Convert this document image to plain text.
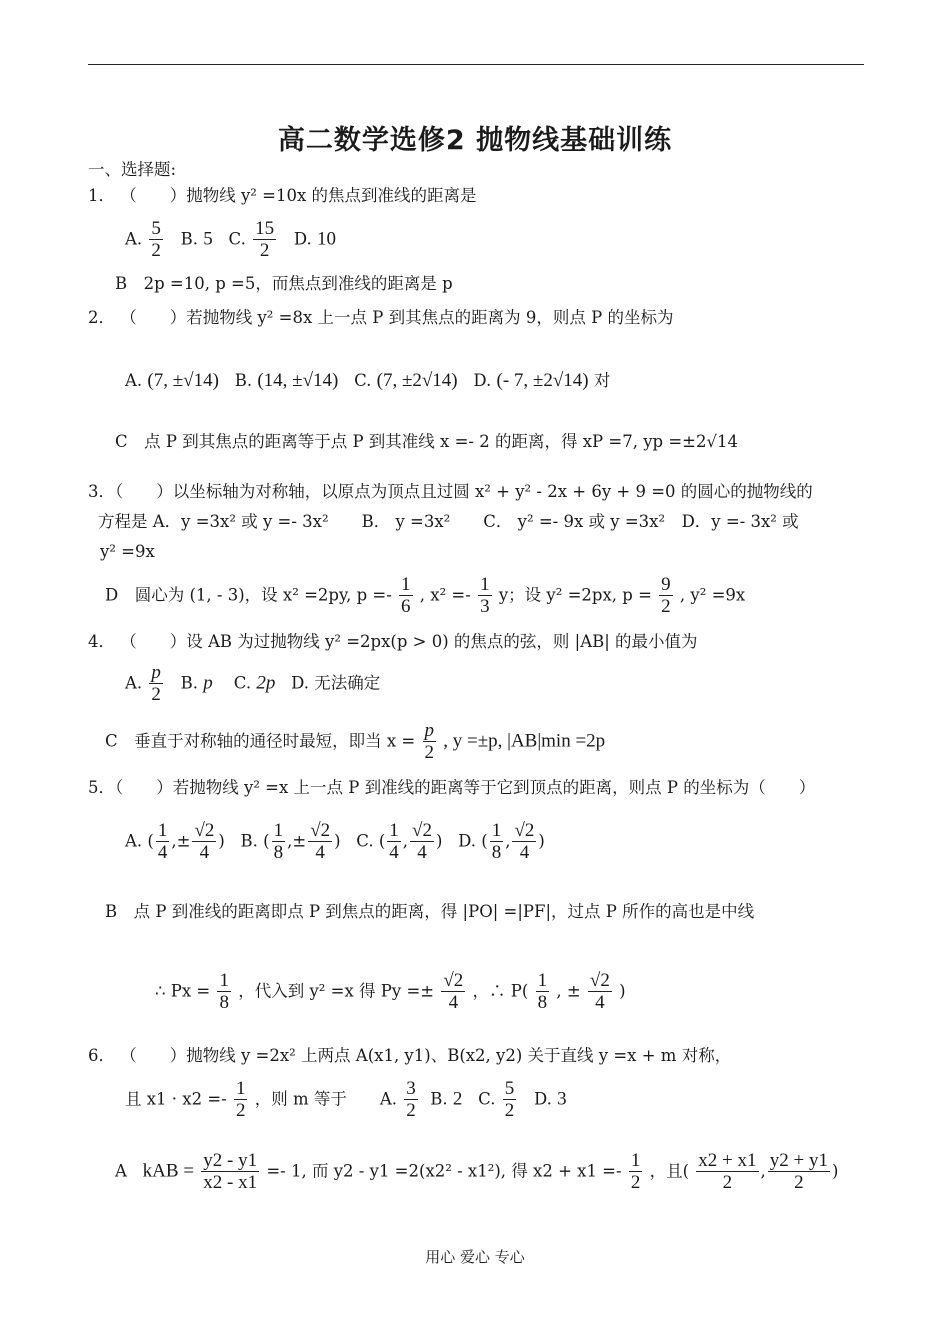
高二数学选修2 抛物线基础训练
一、选择题:
1． （　　）抛物线 y² =10x 的焦点到准线的距离是
A. $\frac{5}{2} B$. 5 C. $\frac{15}{2} D$. 10
B　2p =10, p =5，而焦点到准线的距离是 p
2． （　　）若抛物线 y² =8x 上一点 P 到其焦点的距离为 9，则点 P 的坐标为
A. (7, ±√14) B. (14, ±√14) C. (7, ±2√14) D. (- 7, ±2√14) 对
C　点 P 到其焦点的距离等于点 P 到其准线 x =- 2 的距离，得 xP =7, yp =±2√14
3．（　　）以坐标轴为对称轴，以原点为顶点且过圆 x² + y² - 2x + 6y + 9 =0 的圆心的抛物线的
方程是 A．y =3x² 或 y =- 3x²　　B． y =3x²　　C． y² =- 9x 或 y =3x²　D．y =- 3x² 或
y² =9x
D　圆心为 (1, - 3)，设 x² =2py, $p =- \frac{1}{6}$ , $x^2 =- \frac{1}{3}$ y；设 y² =2px, $p = \frac{9}{2}$ , y² =9x
4． （　　）设 AB 为过抛物线 y² =2px(p > 0) 的焦点的弦，则 |AB| 的最小值为
A. $\frac{p}{2} B$. p C. 2p D. 无法确定
C　垂直于对称轴的通径时最短，即当 $x = \frac{p}{2}$ , y =±p, |AB|min =2p
5．（　　）若抛物线 y² =x 上一点 P 到准线的距离等于它到顶点的距离，则点 P 的坐标为（　　）
A. ( $\frac{1}{4}$ ,± $\frac{√2}{4}$ )   B. ( $\frac{1}{8}$ ,± $\frac{√2}{4}$ )   C. ( $\frac{1}{4}$ , $\frac{√2}{4}$ )   D. ( $\frac{1}{8}$ , $\frac{√2}{4}$ )
B　点 P 到准线的距离即点 P 到焦点的距离，得 |PO| =|PF|，过点 P 所作的高也是中线
∴ $Px = \frac{1}{8}$ ，代入到 y² =x 得 $Py =\pm \frac{√2}{4}$ ，∴ $P( \frac{1}{8}$ , ± $\frac{√2}{4}$ )
6． （　　）抛物线 y =2x² 上两点 A(x1, y1)、B(x2, y2) 关于直线 y =x + m 对称，
且 $x1 \cdot x2 =- \frac{1}{2}$ ，则 m 等于　　A. $\frac{3}{2} B$. 2 C. $\frac{5}{2} D$. 3
A kAB = $\frac{y2 - y1}{x2 - x1} =- 1$, 而 y2 - y1 =2(x2² - x1²), 得 $x2 + x1 =- \frac{1}{2}$ ，且( $\frac{x2 + x1}{2}$ , $\frac{y2 + y1}{2}$ )
用心 爱心 专心
